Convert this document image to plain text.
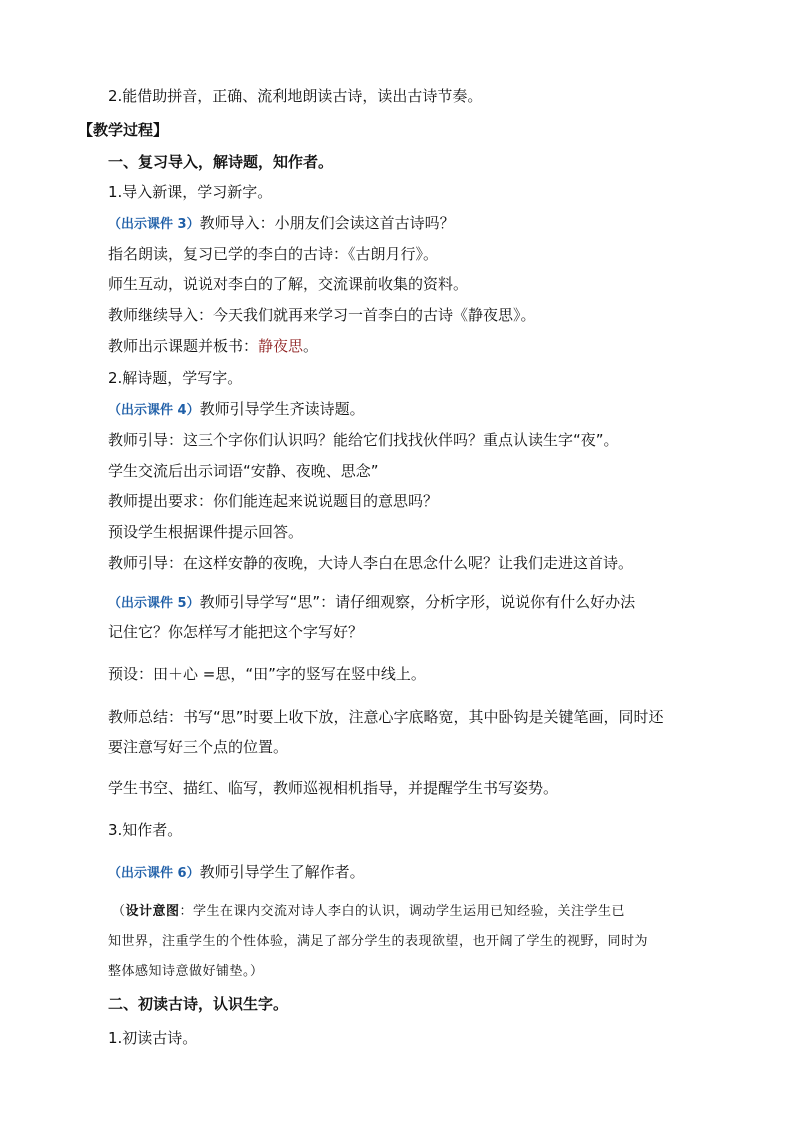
2.能借助拼音，正确、流利地朗读古诗，读出古诗节奏。
【教学过程】
一、复习导入，解诗题，知作者。
1.导入新课，学习新字。
（出示课件 3）教师导入：小朋友们会读这首古诗吗？
指名朗读，复习已学的李白的古诗：《古朗月行》。
师生互动，说说对李白的了解，交流课前收集的资料。
教师继续导入：今天我们就再来学习一首李白的古诗《静夜思》。
教师出示课题并板书：静夜思。
2.解诗题，学写字。
（出示课件 4）教师引导学生齐读诗题。
教师引导：这三个字你们认识吗？能给它们找找伙伴吗？重点认读生字“夜”。
学生交流后出示词语“安静、夜晚、思念”
教师提出要求：你们能连起来说说题目的意思吗？
预设学生根据课件提示回答。
教师引导：在这样安静的夜晚，大诗人李白在思念什么呢？让我们走进这首诗。
（出示课件 5）教师引导学写“思”：请仔细观察，分析字形，说说你有什么好办法
记住它？你怎样写才能把这个字写好？
预设：田＋心 =思，“田”字的竖写在竖中线上。
教师总结：书写“思”时要上收下放，注意心字底略宽，其中卧钩是关键笔画，同时还
要注意写好三个点的位置。
学生书空、描红、临写，教师巡视相机指导，并提醒学生书写姿势。
3.知作者。
（出示课件 6）教师引导学生了解作者。
（设计意图：学生在课内交流对诗人李白的认识，调动学生运用已知经验，关注学生已
知世界，注重学生的个性体验，满足了部分学生的表现欲望，也开阔了学生的视野，同时为
整体感知诗意做好铺垫。）
二、初读古诗，认识生字。
1.初读古诗。
